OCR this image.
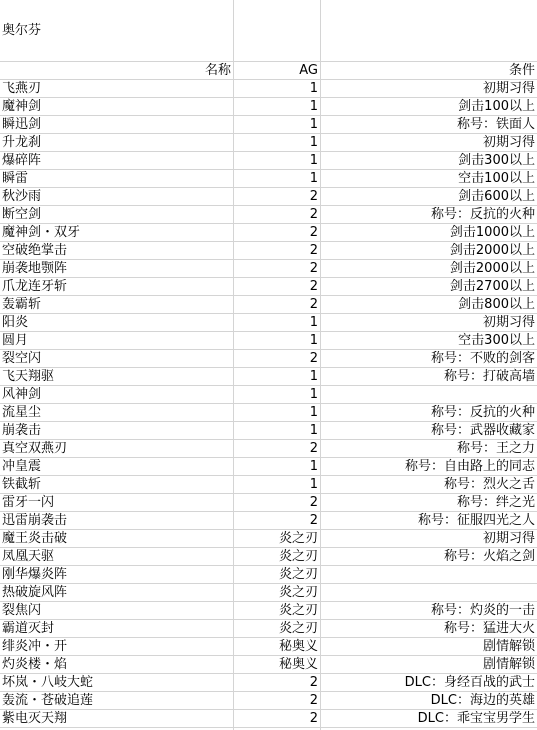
奥尔芬
名称	AG	条件
飞燕刃	1	初期习得
魔神剑	1	剑击100以上
瞬迅剑	1	称号：铁面人
升龙刹	1	初期习得
爆碎阵	1	剑击300以上
瞬雷	1	空击100以上
秋沙雨	2	剑击600以上
断空剑	2	称号：反抗的火种
魔神剑・双牙	2	剑击1000以上
空破绝掌击	2	剑击2000以上
崩袭地颚阵	2	剑击2000以上
爪龙连牙斩	2	剑击2700以上
轰霸斩	2	剑击800以上
阳炎	1	初期习得
圆月	1	空击300以上
裂空闪	2	称号：不败的剑客
飞天翔驱	1	称号：打破高墙
风神剑	1
流星尘	1	称号：反抗的火种
崩袭击	1	称号：武器收藏家
真空双燕刃	2	称号：王之力
冲皇震	1	称号：自由路上的同志
铁截斩	1	称号：烈火之舌
雷牙一闪	2	称号：绊之光
迅雷崩袭击	2	称号：征服四光之人
魔王炎击破	炎之刃	初期习得
凤凰天驱	炎之刃	称号：火焰之剑
刚华爆炎阵	炎之刃
热破旋风阵	炎之刃
裂焦闪	炎之刃	称号：灼炎的一击
霸道灭封	炎之刃	称号：猛进大火
绯炎冲・开	秘奥义	剧情解锁
灼炎楼・焰	秘奥义	剧情解锁
坏岚・八岐大蛇	2	DLC：身经百战的武士
轰流・苍破追莲	2	DLC：海边的英雄
紫电灭天翔	2	DLC：乖宝宝男学生
